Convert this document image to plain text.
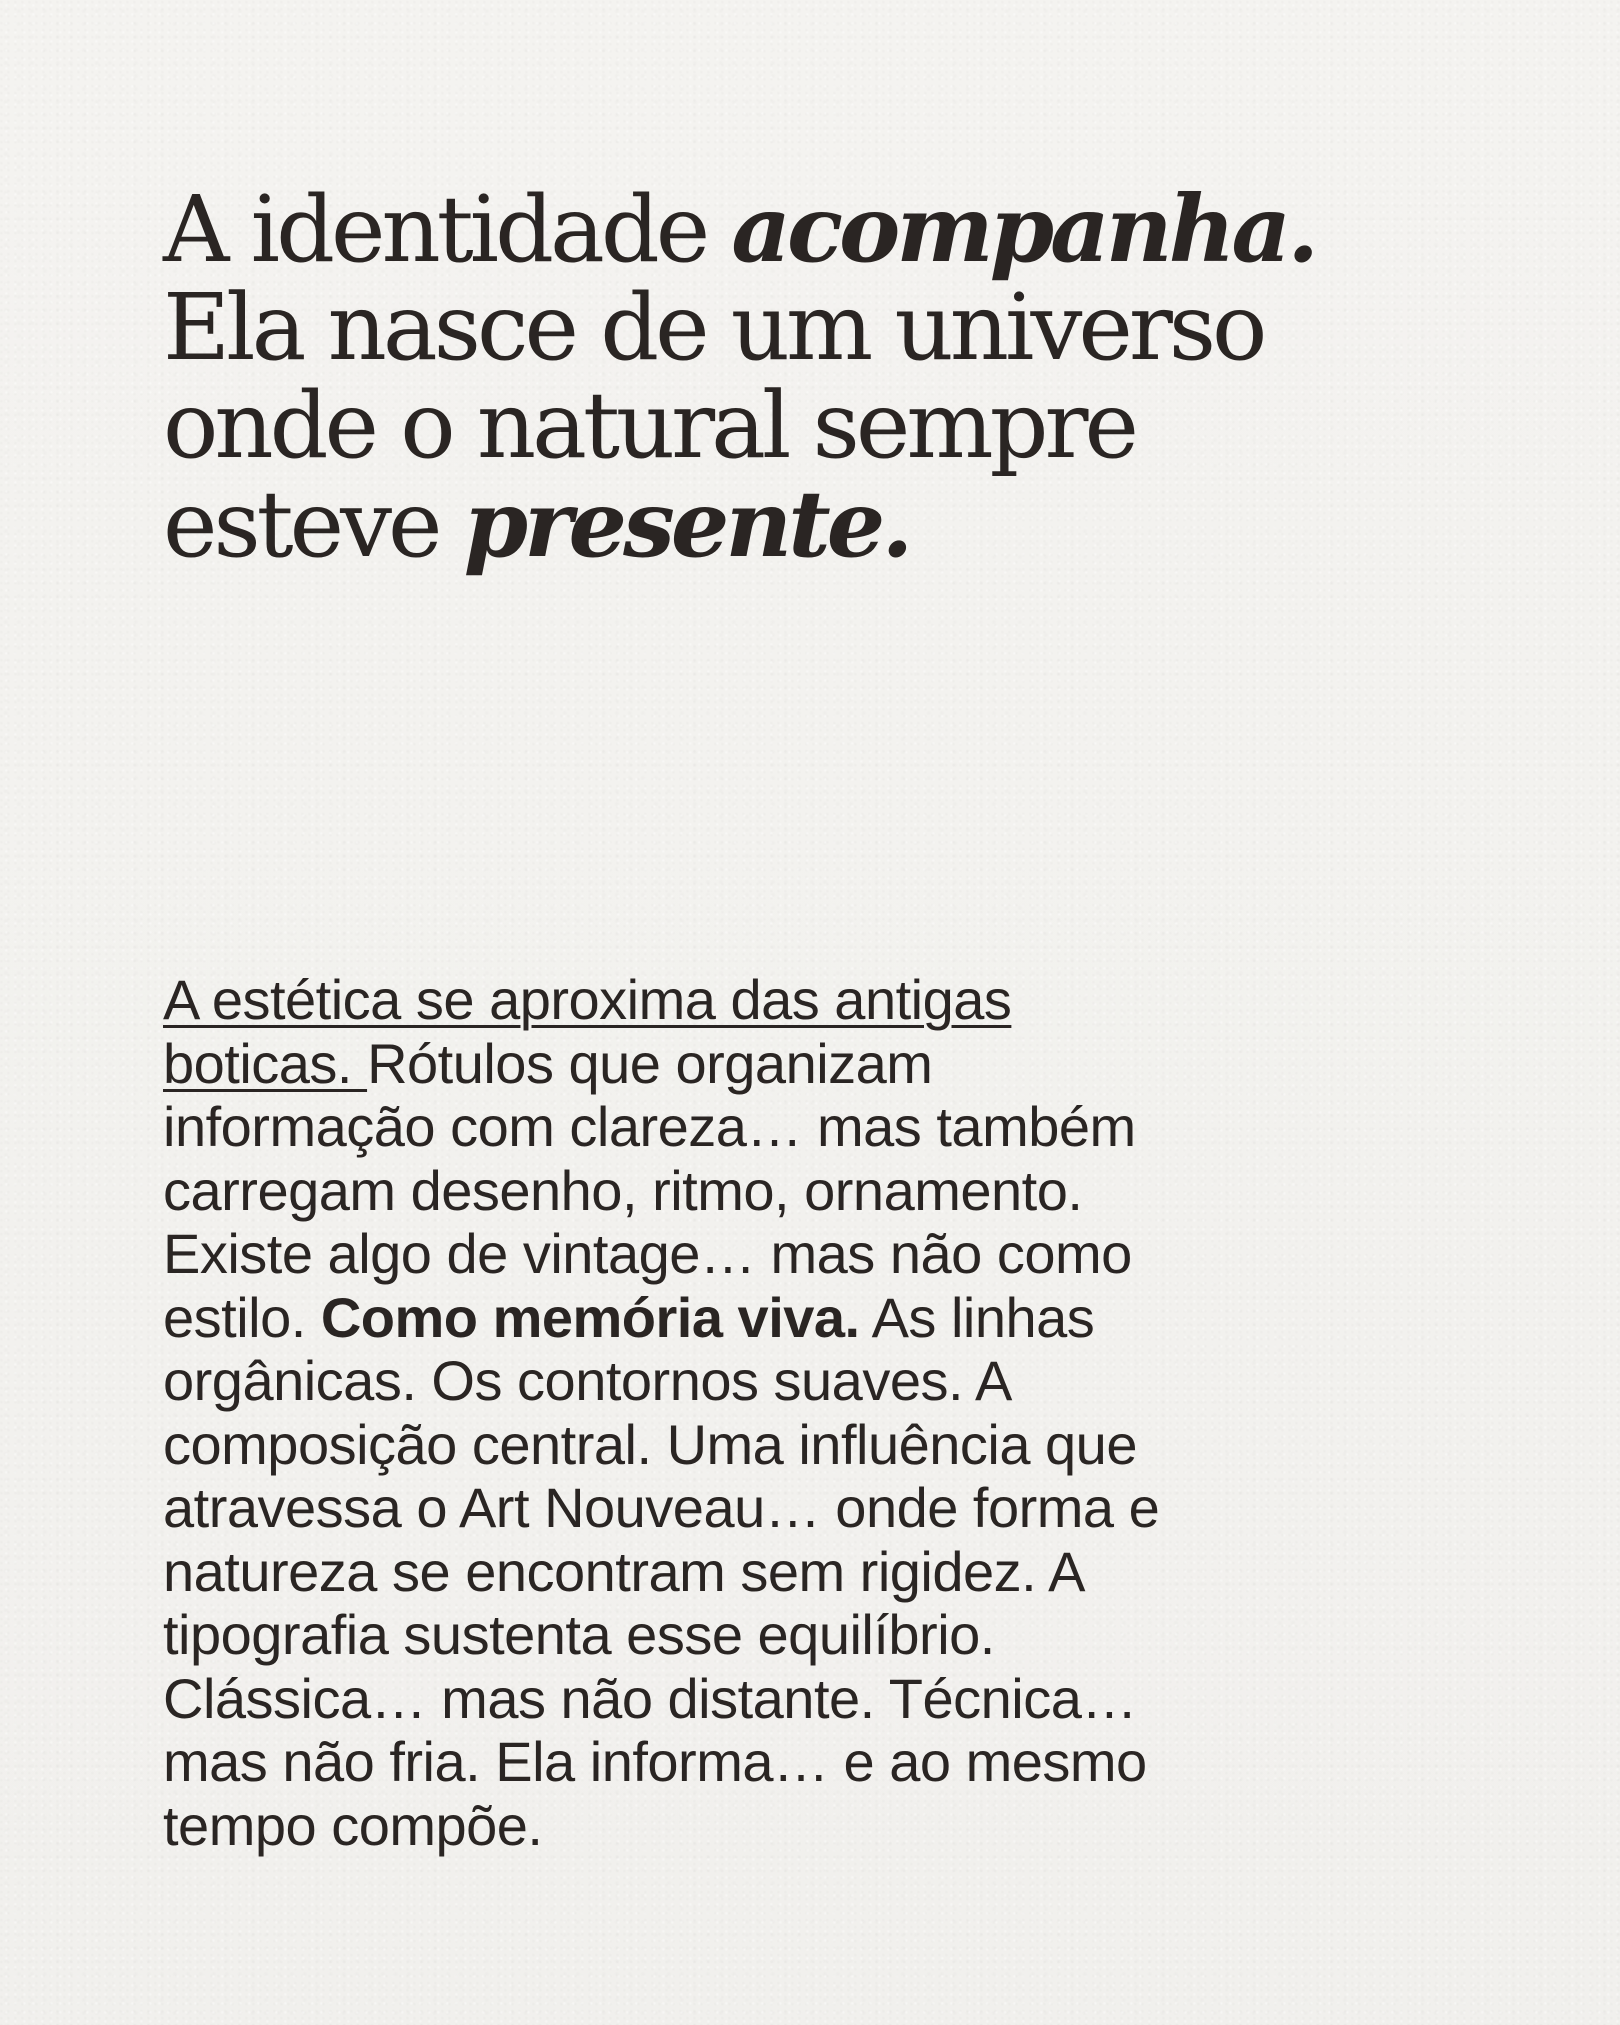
A identidade acompanha.
Ela nasce de um universo
onde o natural sempre
esteve presente.

A estética se aproxima das antigas
boticas. Rótulos que organizam
informação com clareza… mas também
carregam desenho, ritmo, ornamento.
Existe algo de vintage… mas não como
estilo. Como memória viva. As linhas
orgânicas. Os contornos suaves. A
composição central. Uma influência que
atravessa o Art Nouveau… onde forma e
natureza se encontram sem rigidez. A
tipografia sustenta esse equilíbrio.
Clássica… mas não distante. Técnica…
mas não fria. Ela informa… e ao mesmo
tempo compõe.
